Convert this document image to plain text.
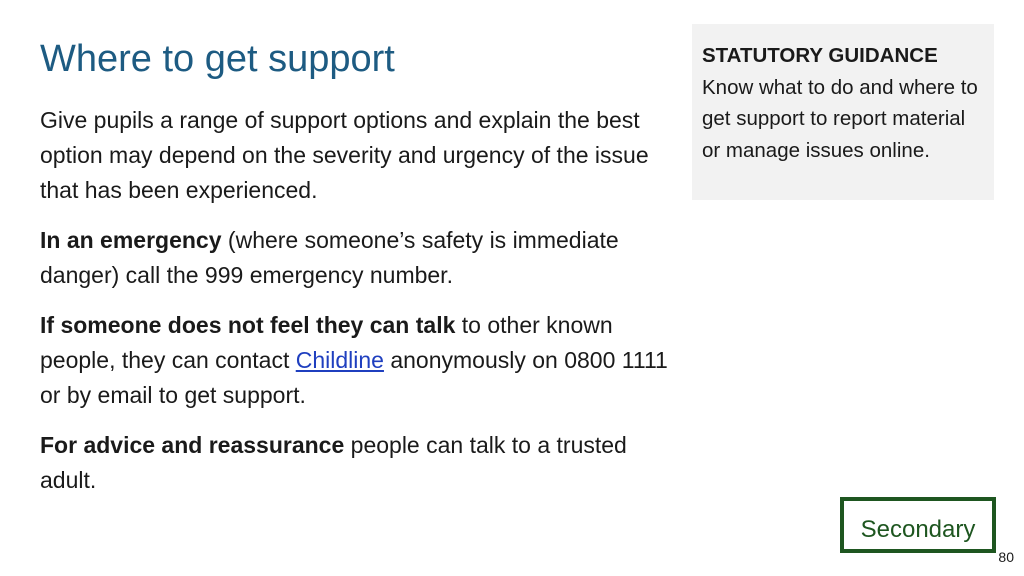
Where to get support

Give pupils a range of support options and explain the best option may depend on the severity and urgency of the issue that has been experienced.

In an emergency (where someone’s safety is immediate danger) call the 999 emergency number.

If someone does not feel they can talk to other known people, they can contact Childline anonymously on 0800 1111 or by email to get support.

For advice and reassurance people can talk to a trusted adult.

STATUTORY GUIDANCE
Know what to do and where to get support to report material or manage issues online.
Secondary
80
